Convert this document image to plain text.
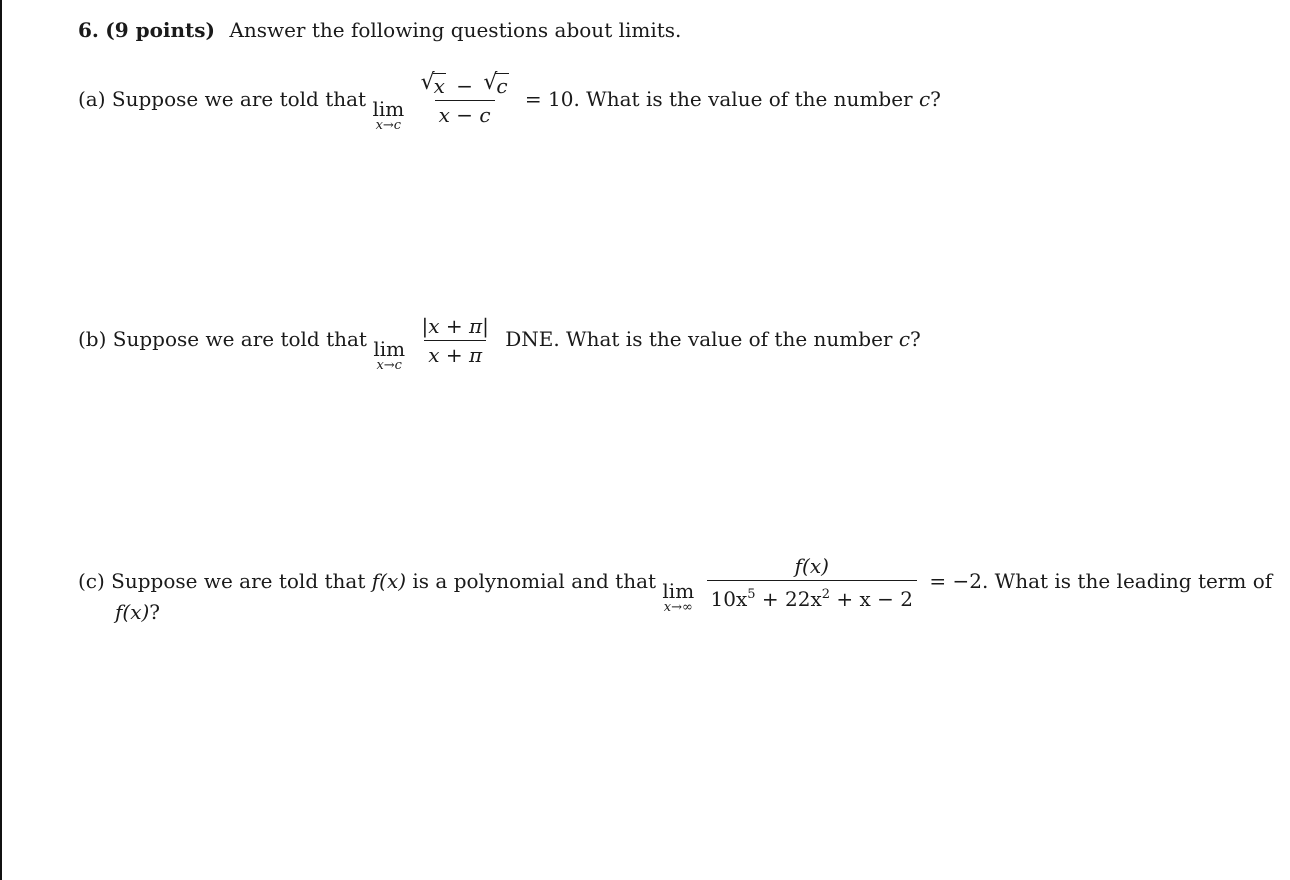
6. (9 points) Answer the following questions about limits.
(a) Suppose we are told that lim
x→c
√
x − √
c
x − c = 10. What is the value of the number c?
(b) Suppose we are told that lim
x→c
$\frac{|x + \pi|}{x + \pi}$ DNE. What is the value of the number c?
(c) Suppose we are told that f(x) is a polynomial and that lim
x→∞
$\frac{f(x)}{10x^5 + 22x^2 + x - 2} = -2$. What is the leading term of
f(x)?
